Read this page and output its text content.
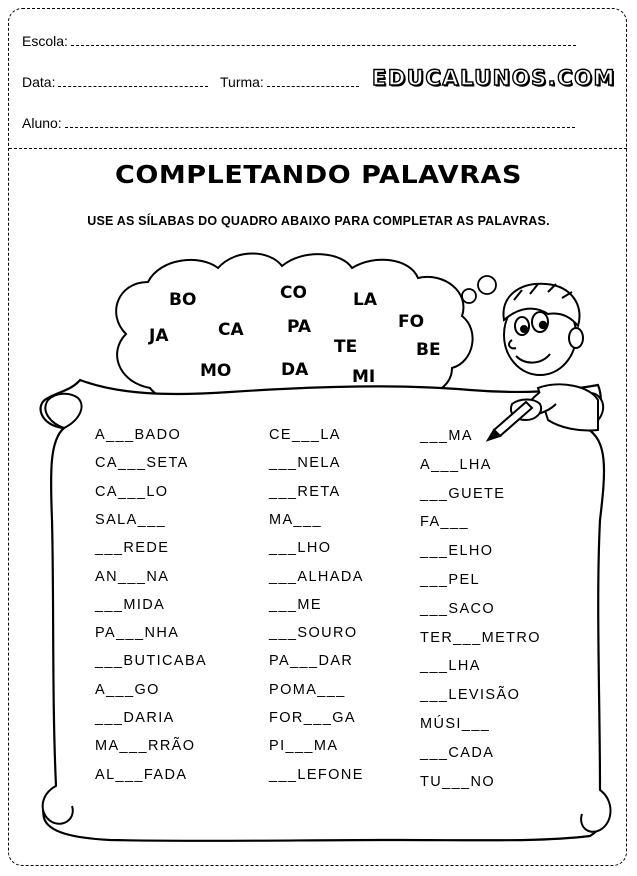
Escola:
Data:	Turma:	EDUCALUNOS.COM
Aluno:
COMPLETANDO PALAVRAS
USE AS SÍLABAS DO QUADRO ABAIXO PARA COMPLETAR AS PALAVRAS.
BO	CO	LA
JA	CA	PA	FO
TE	BE
MO	DA	MI
A___BADO
CA___SETA
CA___LO
SALA___
___REDE
AN___NA
___MIDA
PA___NHA
___BUTICABA
A___GO
___DARIA
MA___RRÃO
AL___FADA
CE___LA
___NELA
___RETA
MA___
___LHO
___ALHADA
___ME
___SOURO
PA___DAR
POMA___
FOR___GA
PI___MA
___LEFONE
___MA
A___LHA
___GUETE
FA___
___ELHO
___PEL
___SACO
TER___METRO
___LHA
___LEVISÃO
MÚSI___
___CADA
TU___NO
